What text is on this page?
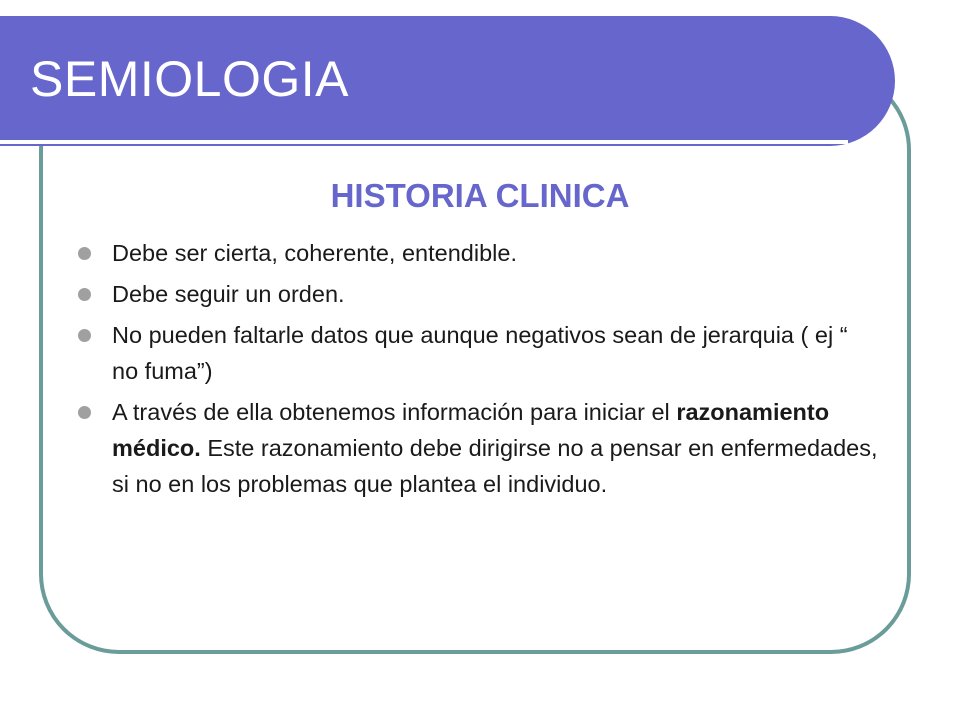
SEMIOLOGIA
HISTORIA CLINICA
Debe ser cierta, coherente, entendible.
Debe seguir un orden.
No pueden faltarle datos que aunque negativos sean de jerarquia ( ej “ no fuma”)
A través de ella obtenemos información para iniciar el razonamiento médico. Este razonamiento debe dirigirse no a pensar en enfermedades, si no en los problemas que plantea el individuo.
